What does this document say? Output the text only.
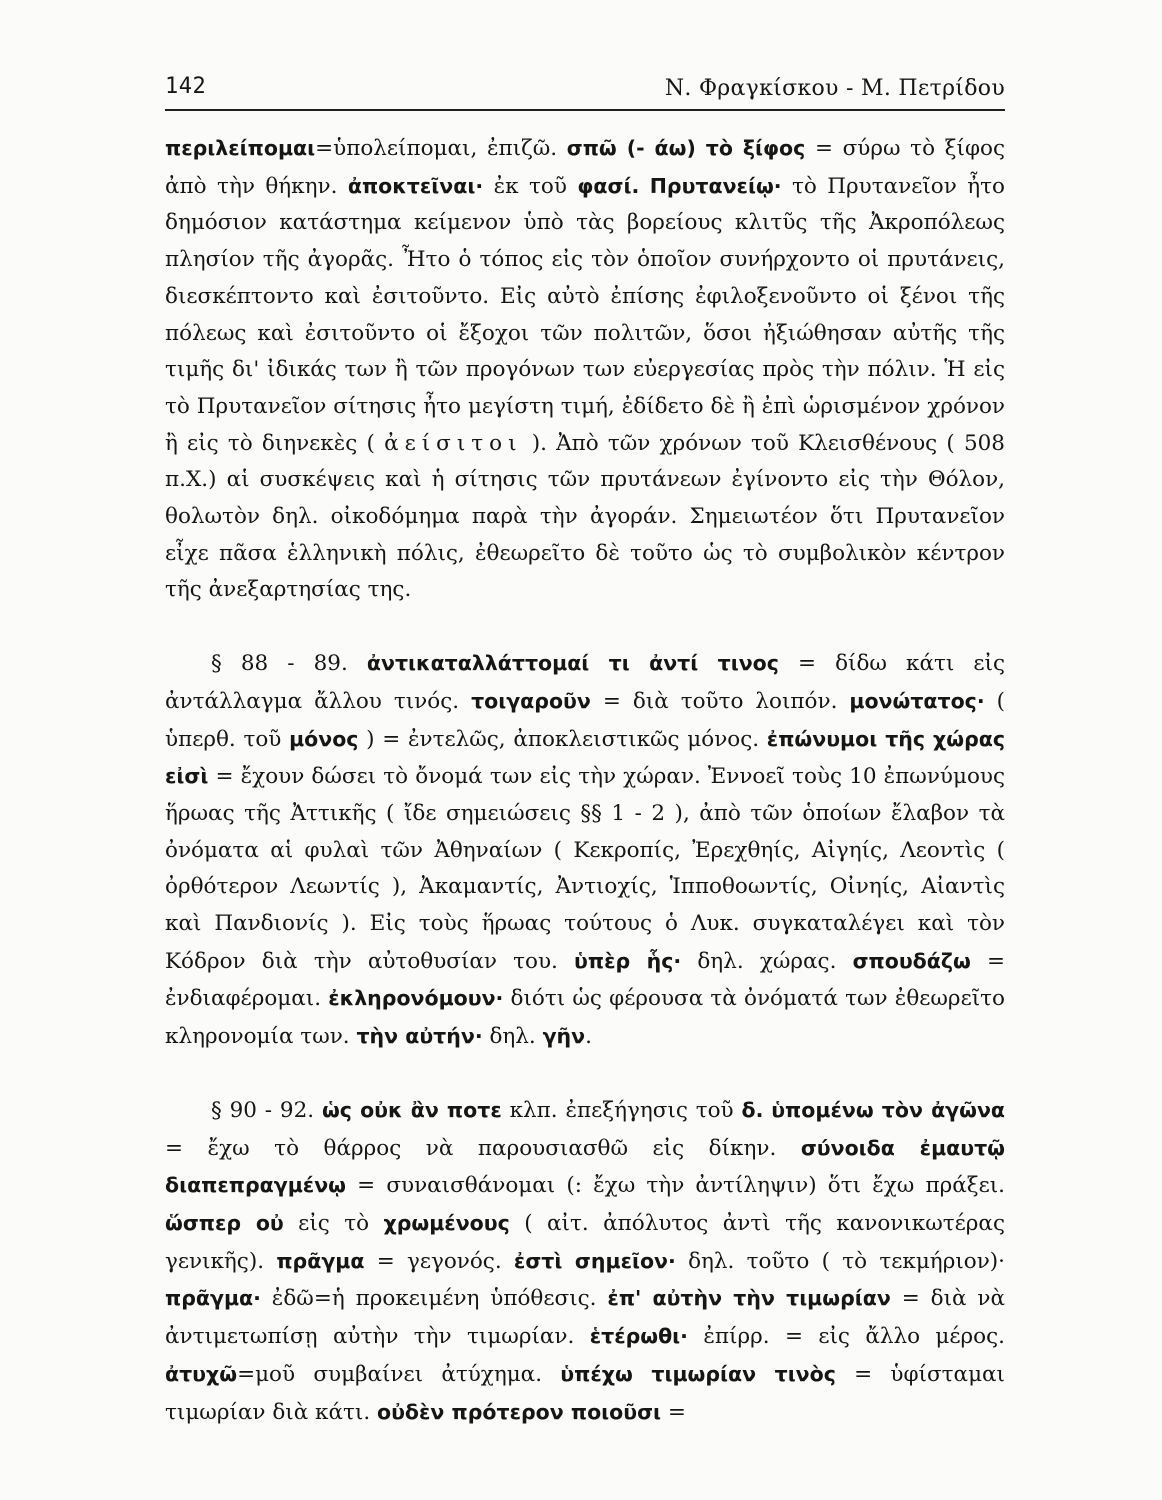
142	Ν. Φραγκίσκου - Μ. Πετρίδου

περιλείπομαι=ὑπολείπομαι, ἐπιζῶ. σπῶ (- άω) τὸ ξίφος = σύρω τὸ ξίφος ἀπὸ τὴν θήκην. ἀποκτεῖναι· ἐκ τοῦ φασί. Πρυτανείῳ· τὸ Πρυτανεῖον ἦτο δημόσιον κατάστημα κείμενον ὑπὸ τὰς βορείους κλιτῦς τῆς Ἀκροπόλεως πλησίον τῆς ἀγορᾶς. Ἦτο ὁ τόπος εἰς τὸν ὁποῖον συνήρχοντο οἱ πρυτάνεις, διεσκέπτοντο καὶ ἐσιτοῦντο. Εἰς αὐτὸ ἐπίσης ἐφιλοξενοῦντο οἱ ξένοι τῆς πόλεως καὶ ἐσιτοῦντο οἱ ἔξοχοι τῶν πολιτῶν, ὅσοι ἠξιώθησαν αὐτῆς τῆς τιμῆς δι' ἰδικάς των ἢ τῶν προγόνων των εὐεργεσίας πρὸς τὴν πόλιν. Ἡ εἰς τὸ Πρυτανεῖον σίτησις ἦτο μεγίστη τιμή, ἐδίδετο δὲ ἢ ἐπὶ ὡρισμένον χρόνον ἢ εἰς τὸ διηνεκὲς ( ἀείσιτοι ). Ἀπὸ τῶν χρόνων τοῦ Κλεισθένους ( 508 π.Χ.) αἱ συσκέψεις καὶ ἡ σίτησις τῶν πρυτάνεων ἐγίνοντο εἰς τὴν Θόλον, θολωτὸν δηλ. οἰκοδόμημα παρὰ τὴν ἀγοράν. Σημειωτέον ὅτι Πρυτανεῖον εἶχε πᾶσα ἑλληνικὴ πόλις, ἐθεωρεῖτο δὲ τοῦτο ὡς τὸ συμβολικὸν κέντρον τῆς ἀνεξαρτησίας της.

§ 88 - 89. ἀντικαταλλάττομαί τι ἀντί τινος = δίδω κάτι εἰς ἀντάλλαγμα ἄλλου τινός. τοιγαροῦν = διὰ τοῦτο λοιπόν. μονώτατος· ( ὑπερθ. τοῦ μόνος ) = ἐντελῶς, ἀποκλειστικῶς μόνος. ἐπώνυμοι τῆς χώρας εἰσὶ = ἔχουν δώσει τὸ ὄνομά των εἰς τὴν χώραν. Ἐννοεῖ τοὺς 10 ἐπωνύμους ἥρωας τῆς Ἀττικῆς ( ἴδε σημειώσεις §§ 1 - 2 ), ἀπὸ τῶν ὁποίων ἔλαβον τὰ ὀνόματα αἱ φυλαὶ τῶν Ἀθηναίων ( Κεκροπίς, Ἐρεχθηίς, Αἰγηίς, Λεοντὶς ( ὀρθότερον Λεωντίς ), Ἀκαμαντίς, Ἀντιοχίς, Ἱπποθοωντίς, Οἰνηίς, Αἰαντὶς καὶ Πανδιονίς ). Εἰς τοὺς ἥρωας τούτους ὁ Λυκ. συγκαταλέγει καὶ τὸν Κόδρον διὰ τὴν αὐτοθυσίαν του. ὑπὲρ ἧς· δηλ. χώρας. σπουδάζω = ἐνδιαφέρομαι. ἐκληρονόμουν· διότι ὡς φέρουσα τὰ ὀνόματά των ἐθεωρεῖτο κληρονομία των. τὴν αὐτήν· δηλ. γῆν.

§ 90 - 92. ὡς οὐκ ἂν ποτε κλπ. ἐπεξήγησις τοῦ δ. ὑπομένω τὸν ἀγῶνα = ἔχω τὸ θάρρος νὰ παρουσιασθῶ εἰς δίκην. σύνοιδα ἐμαυτῷ διαπεπραγμένῳ = συναισθάνομαι (: ἔχω τὴν ἀντίληψιν) ὅτι ἔχω πράξει. ὥσπερ οὐ εἰς τὸ χρωμένους ( αἰτ. ἀπόλυτος ἀντὶ τῆς κανονικωτέρας γενικῆς). πρᾶγμα = γεγονός. ἐστὶ σημεῖον· δηλ. τοῦτο ( τὸ τεκμήριον)· πρᾶγμα· ἐδῶ=ἡ προκειμένη ὑπόθεσις. ἐπ' αὐτὴν τὴν τιμωρίαν = διὰ νὰ ἀντιμετωπίσῃ αὐτὴν τὴν τιμωρίαν. ἑτέρωθι· ἐπίρρ. = εἰς ἄλλο μέρος. ἀτυχῶ=μοῦ συμβαίνει ἀτύχημα. ὑπέχω τιμωρίαν τινὸς = ὑφίσταμαι τιμωρίαν διὰ κάτι. οὐδὲν πρότερον ποιοῦσι =
